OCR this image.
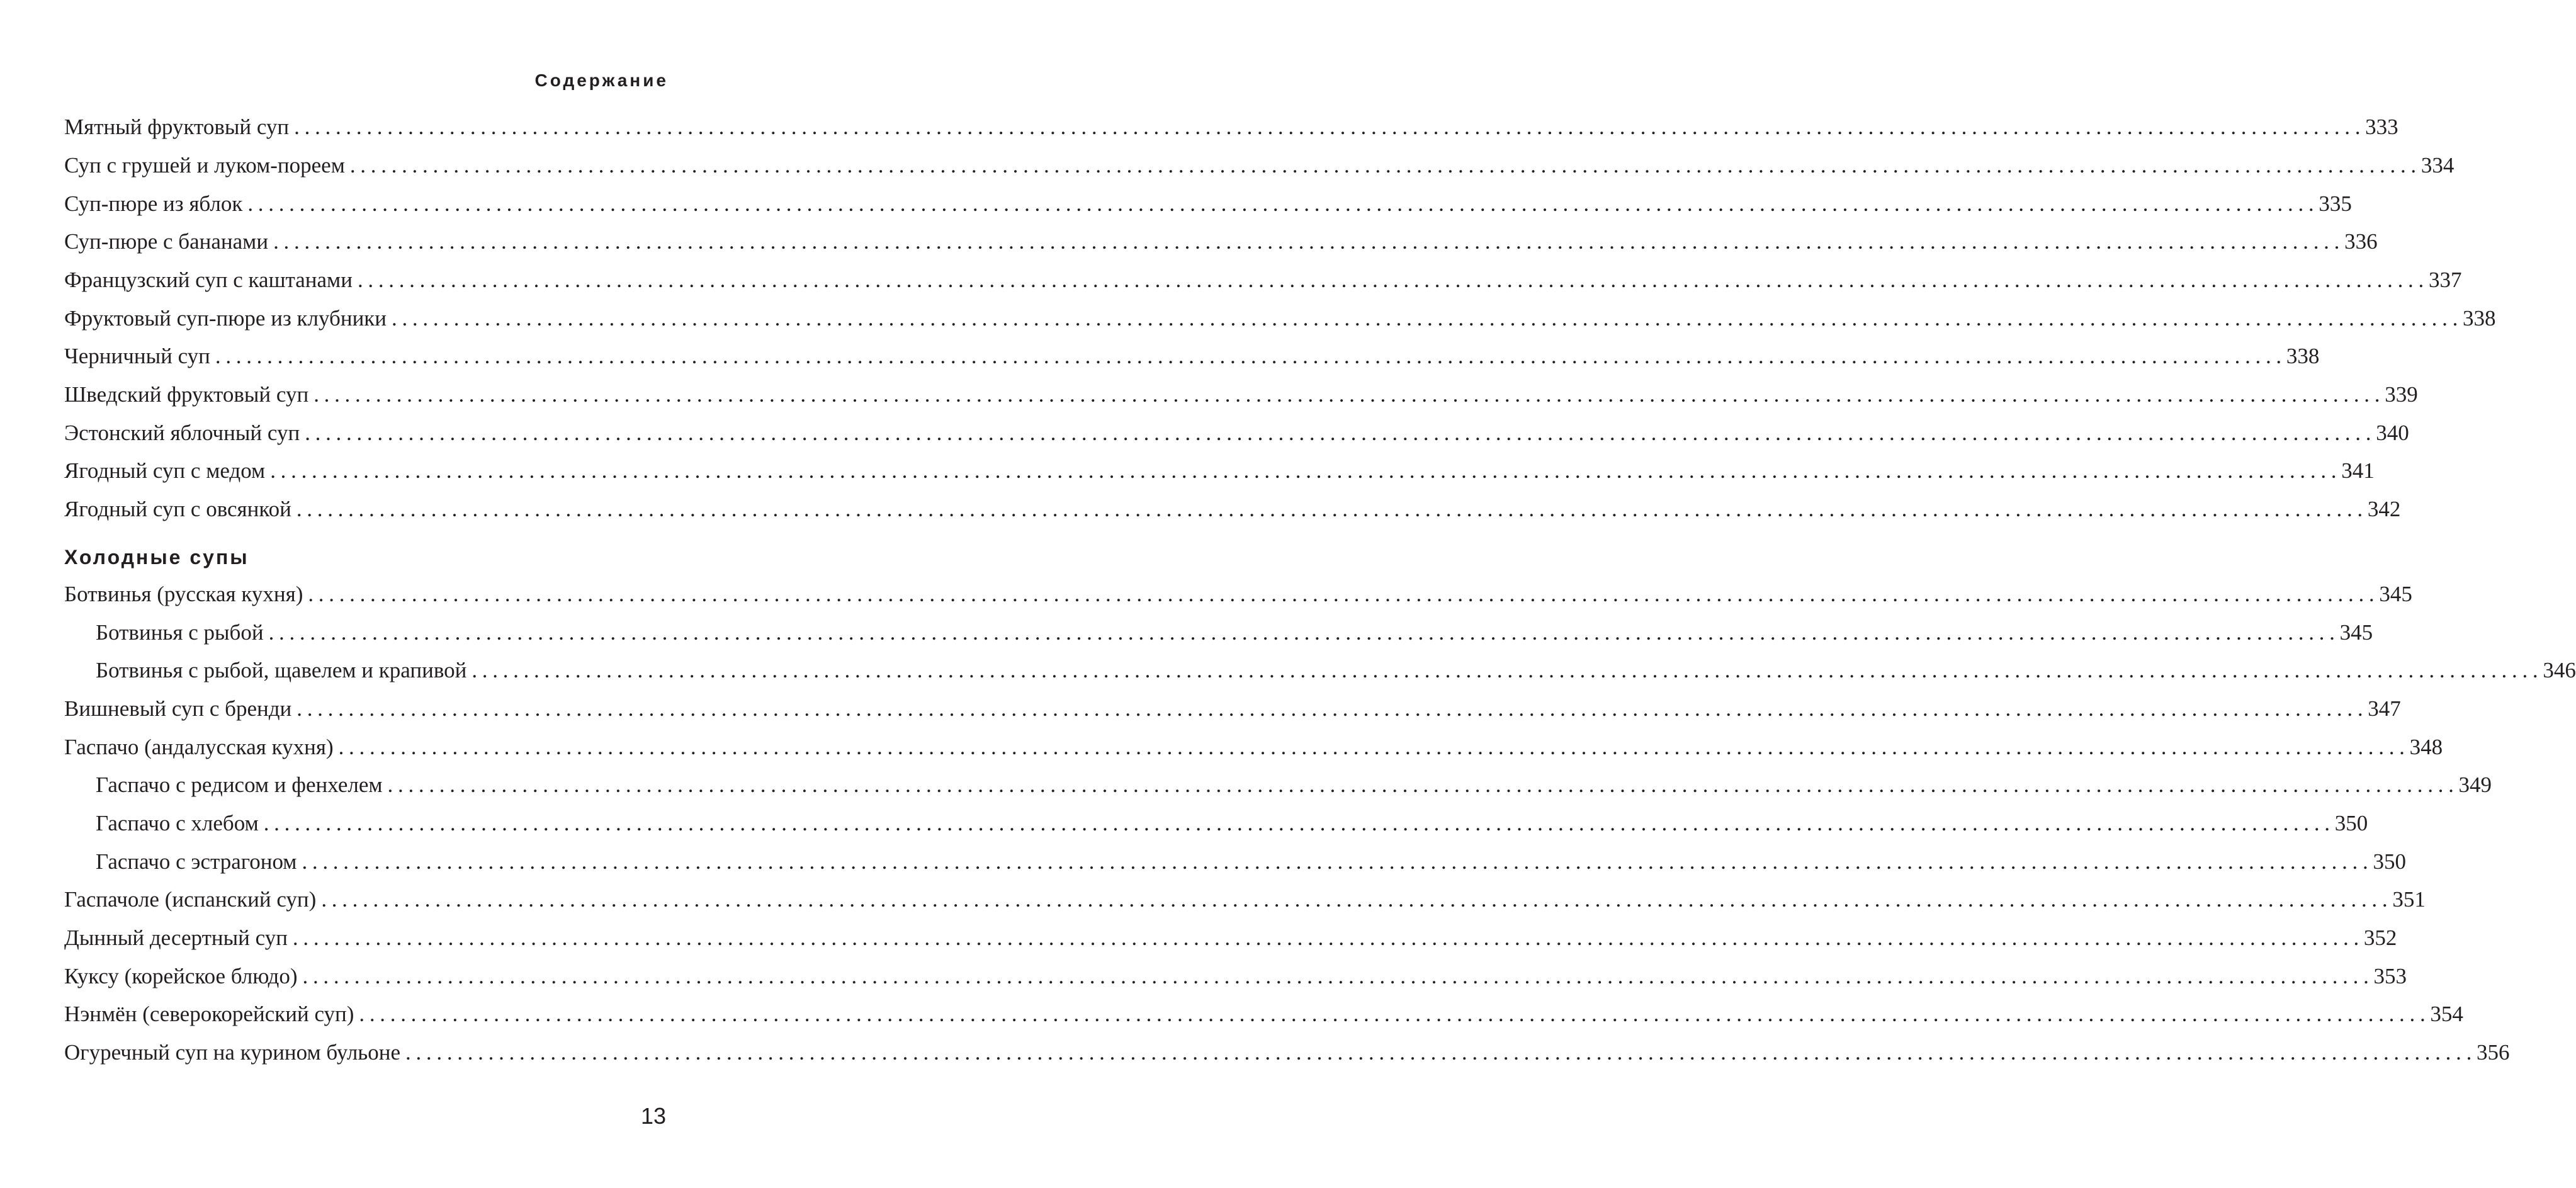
Содержание
Мятный фруктовый суп ........................................................................................................................................................................................................ 333
Суп с грушей и луком-пореем ........................................................................................................................................................................................................ 334
Суп-пюре из яблок ........................................................................................................................................................................................................ 335
Суп-пюре с бананами ........................................................................................................................................................................................................ 336
Французский суп с каштанами ........................................................................................................................................................................................................ 337
Фруктовый суп-пюре из клубники ........................................................................................................................................................................................................ 338
Черничный суп ........................................................................................................................................................................................................ 338
Шведский фруктовый суп ........................................................................................................................................................................................................ 339
Эстонский яблочный суп ........................................................................................................................................................................................................ 340
Ягодный суп с медом ........................................................................................................................................................................................................ 341
Ягодный суп с овсянкой ........................................................................................................................................................................................................ 342
Холодные супы
Ботвинья (русская кухня) ........................................................................................................................................................................................................ 345
Ботвинья с рыбой ........................................................................................................................................................................................................ 345
Ботвинья с рыбой, щавелем и крапивой ........................................................................................................................................................................................................ 346
Вишневый суп с бренди ........................................................................................................................................................................................................ 347
Гаспачо (андалусская кухня) ........................................................................................................................................................................................................ 348
Гаспачо с редисом и фенхелем ........................................................................................................................................................................................................ 349
Гаспачо с хлебом ........................................................................................................................................................................................................ 350
Гаспачо с эстрагоном ........................................................................................................................................................................................................ 350
Гаспачоле (испанский суп) ........................................................................................................................................................................................................ 351
Дынный десертный суп ........................................................................................................................................................................................................ 352
Куксу (корейское блюдо) ........................................................................................................................................................................................................ 353
Нэнмён (северокорейский суп) ........................................................................................................................................................................................................ 354
Огуречный суп на курином бульоне ........................................................................................................................................................................................................ 356
13
